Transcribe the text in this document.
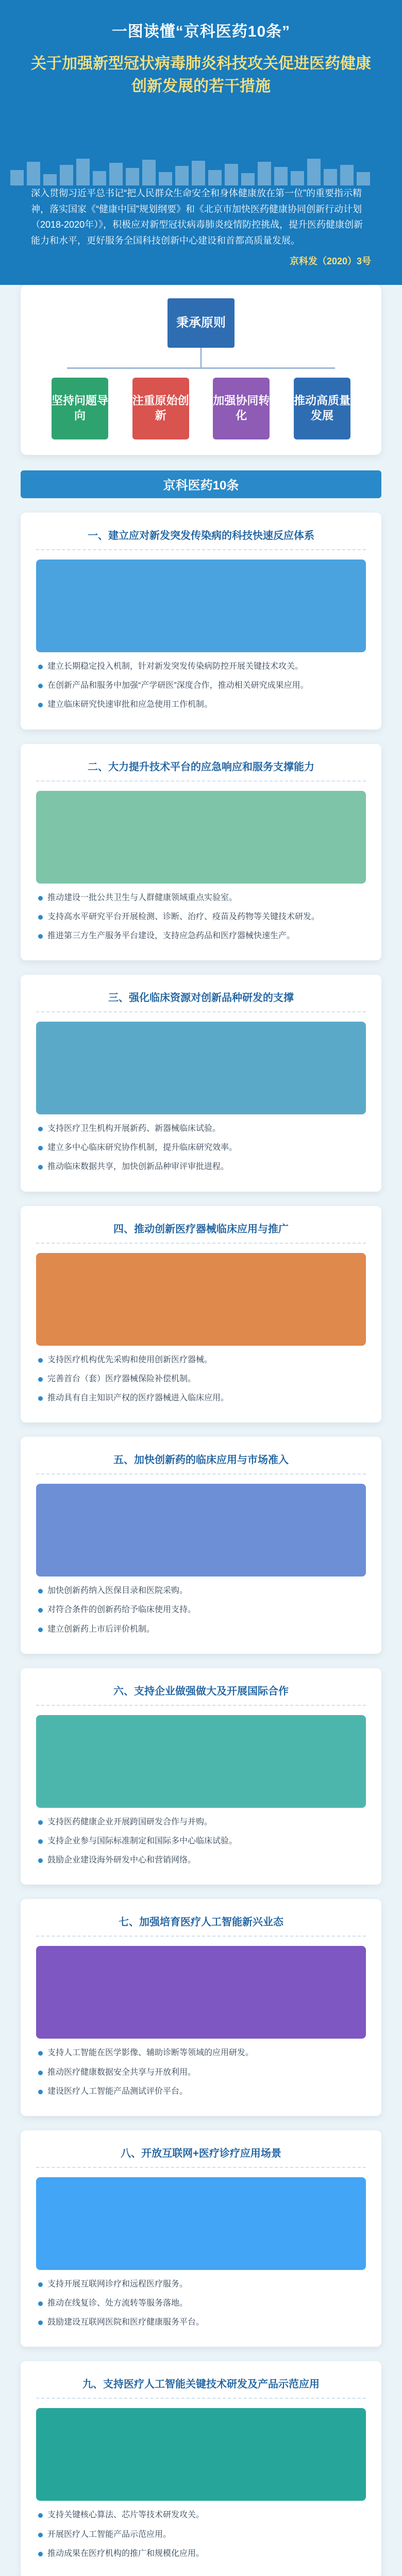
一图读懂“京科医药10条”
关于加强新型冠状病毒肺炎科技攻关促进医药健康创新发展的若干措施
深入贯彻习近平总书记“把人民群众生命安全和身体健康放在第一位”的重要指示精神，落实国家《“健康中国”规划纲要》和《北京市加快医药健康协同创新行动计划（2018-2020年）》，积极应对新型冠状病毒肺炎疫情防控挑战，提升医药健康创新能力和水平，更好服务全国科技创新中心建设和首都高质量发展。
京科发（2020）3号
秉承原则
坚持问题导向
注重原始创新
加强协同转化
推动高质量发展
京科医药10条
一、建立应对新发突发传染病的科技快速反应体系
建立长期稳定投入机制，针对新发突发传染病防控开展关键技术攻关。
在创新产品和服务中加强“产学研医”深度合作，推动相关研究成果应用。
建立临床研究快速审批和应急使用工作机制。
二、大力提升技术平台的应急响应和服务支撑能力
推动建设一批公共卫生与人群健康领域重点实验室。
支持高水平研究平台开展检测、诊断、治疗、疫苗及药物等关键技术研发。
推进第三方生产服务平台建设，支持应急药品和医疗器械快速生产。
三、强化临床资源对创新品种研发的支撑
支持医疗卫生机构开展新药、新器械临床试验。
建立多中心临床研究协作机制，提升临床研究效率。
推动临床数据共享，加快创新品种审评审批进程。
四、推动创新医疗器械临床应用与推广
支持医疗机构优先采购和使用创新医疗器械。
完善首台（套）医疗器械保险补偿机制。
推动具有自主知识产权的医疗器械进入临床应用。
五、加快创新药的临床应用与市场准入
加快创新药纳入医保目录和医院采购。
对符合条件的创新药给予临床使用支持。
建立创新药上市后评价机制。
六、支持企业做强做大及开展国际合作
支持医药健康企业开展跨国研发合作与并购。
支持企业参与国际标准制定和国际多中心临床试验。
鼓励企业建设海外研发中心和营销网络。
七、加强培育医疗人工智能新兴业态
支持人工智能在医学影像、辅助诊断等领域的应用研发。
推动医疗健康数据安全共享与开放利用。
建设医疗人工智能产品测试评价平台。
八、开放互联网+医疗诊疗应用场景
支持开展互联网诊疗和远程医疗服务。
推动在线复诊、处方流转等服务落地。
鼓励建设互联网医院和医疗健康服务平台。
九、支持医疗人工智能关键技术研发及产品示范应用
支持关键核心算法、芯片等技术研发攻关。
开展医疗人工智能产品示范应用。
推动成果在医疗机构的推广和规模化应用。
